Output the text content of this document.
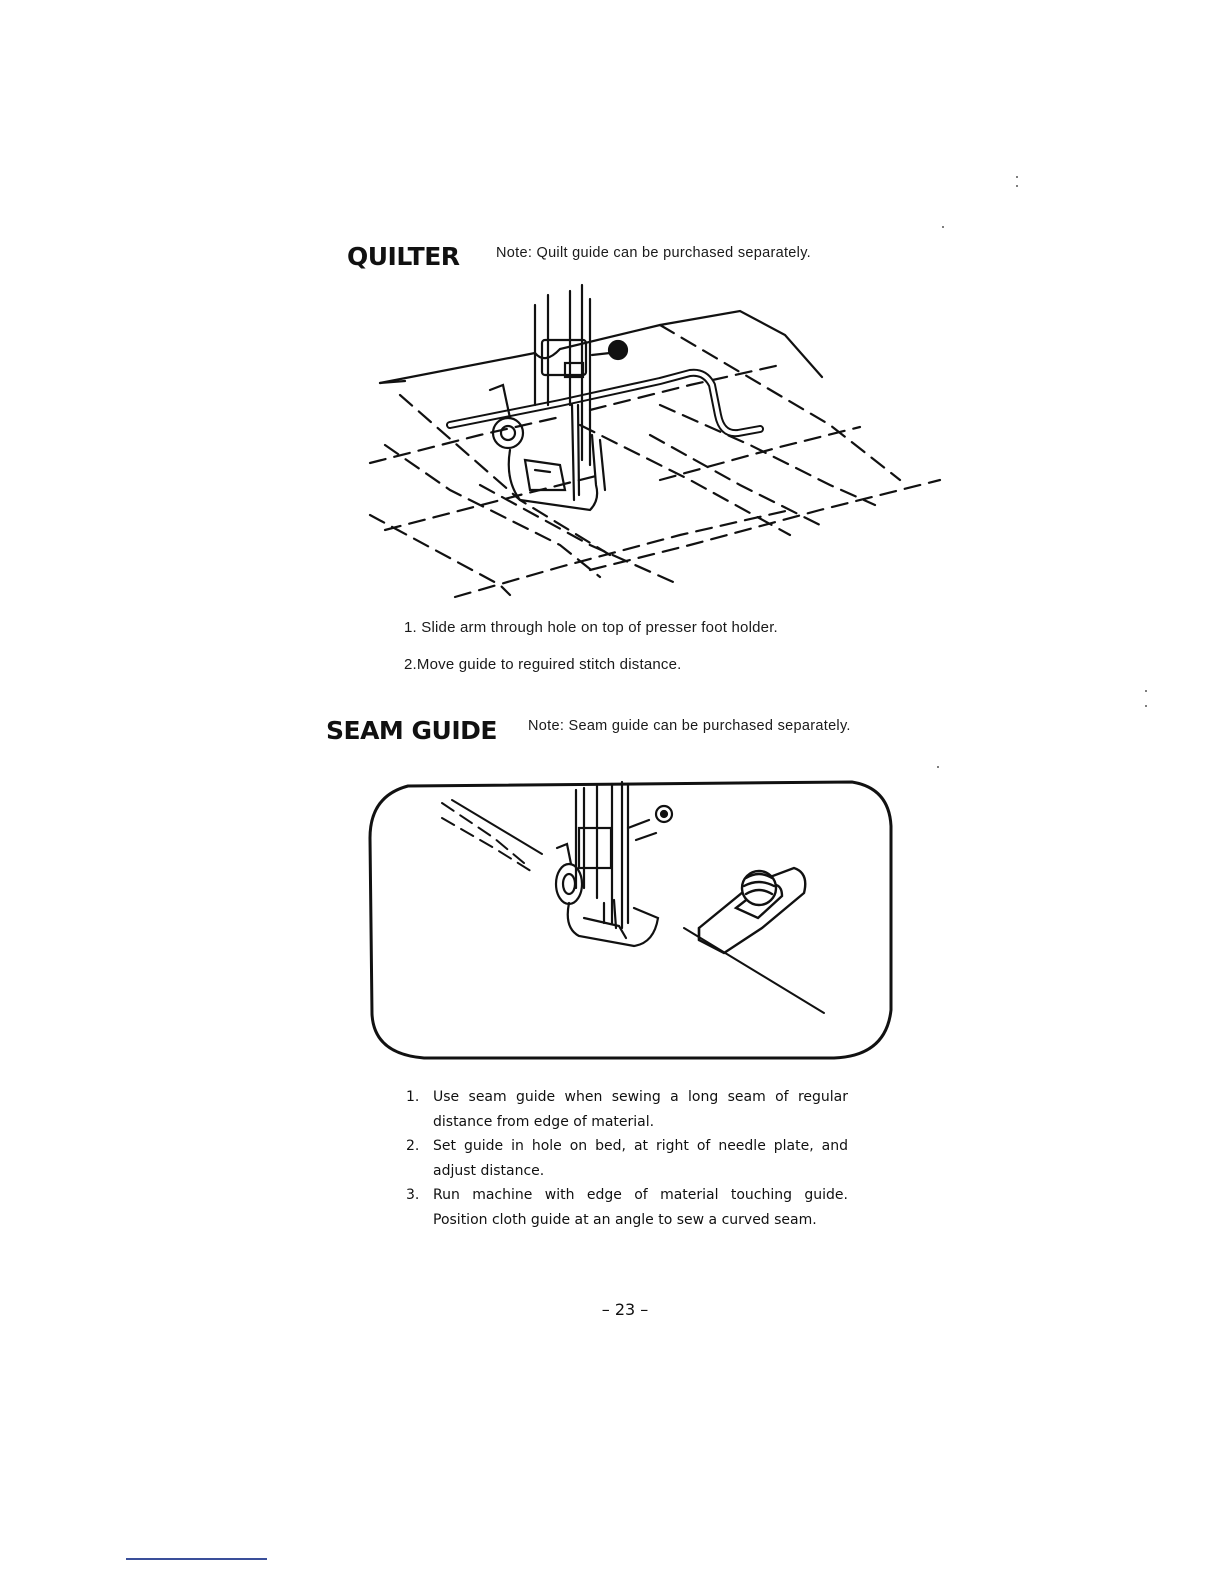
QUILTER	Note: Quilt guide can be purchased separately.
1. Slide arm through hole on top of presser foot holder.
2.Move guide to reguired stitch distance.
SEAM GUIDE Note: Seam guide can be purchased separately.
1. Use seam guide when sewing a long seam of regular distance from edge of material.
2. Set guide in hole on bed, at right of needle plate, and adjust distance.
3. Run machine with edge of material touching guide. Position cloth guide at an angle to sew a curved seam.
– 23 –
